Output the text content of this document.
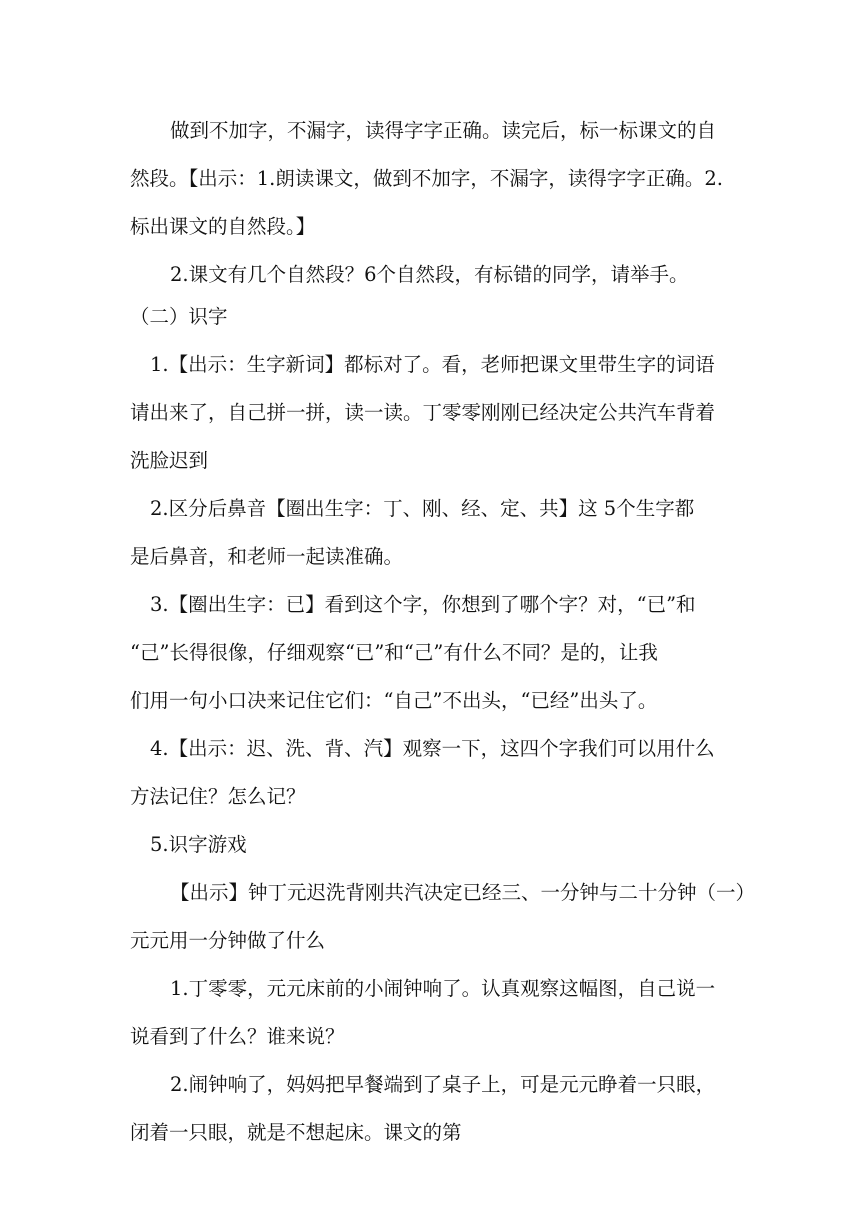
做到不加字，不漏字，读得字字正确。读完后，标一标课文的自

然段。【出示：1.朗读课文，做到不加字，不漏字，读得字字正确。2.

标出课文的自然段。】

2.课文有几个自然段？6个自然段，有标错的同学，请举手。

（二）识字

1.【出示：生字新词】都标对了。看，老师把课文里带生字的词语

请出来了，自己拼一拼，读一读。丁零零刚刚已经决定公共汽车背着

洗脸迟到

2.区分后鼻音【圈出生字：丁、刚、经、定、共】这 5个生字都

是后鼻音，和老师一起读准确。

3.【圈出生字：已】看到这个字，你想到了哪个字？对，“已”和

“己”长得很像，仔细观察“已”和“己”有什么不同？是的，让我

们用一句小口决来记住它们：“自己”不出头，“已经”出头了。

4.【出示：迟、洗、背、汽】观察一下，这四个字我们可以用什么

方法记住？怎么记？

5.识字游戏

【出示】钟丁元迟洗背刚共汽决定已经三、一分钟与二十分钟（一）

元元用一分钟做了什么

1.丁零零，元元床前的小闹钟响了。认真观察这幅图，自己说一

说看到了什么？谁来说？

2.闹钟响了，妈妈把早餐端到了桌子上，可是元元睁着一只眼，

闭着一只眼，就是不想起床。课文的第
